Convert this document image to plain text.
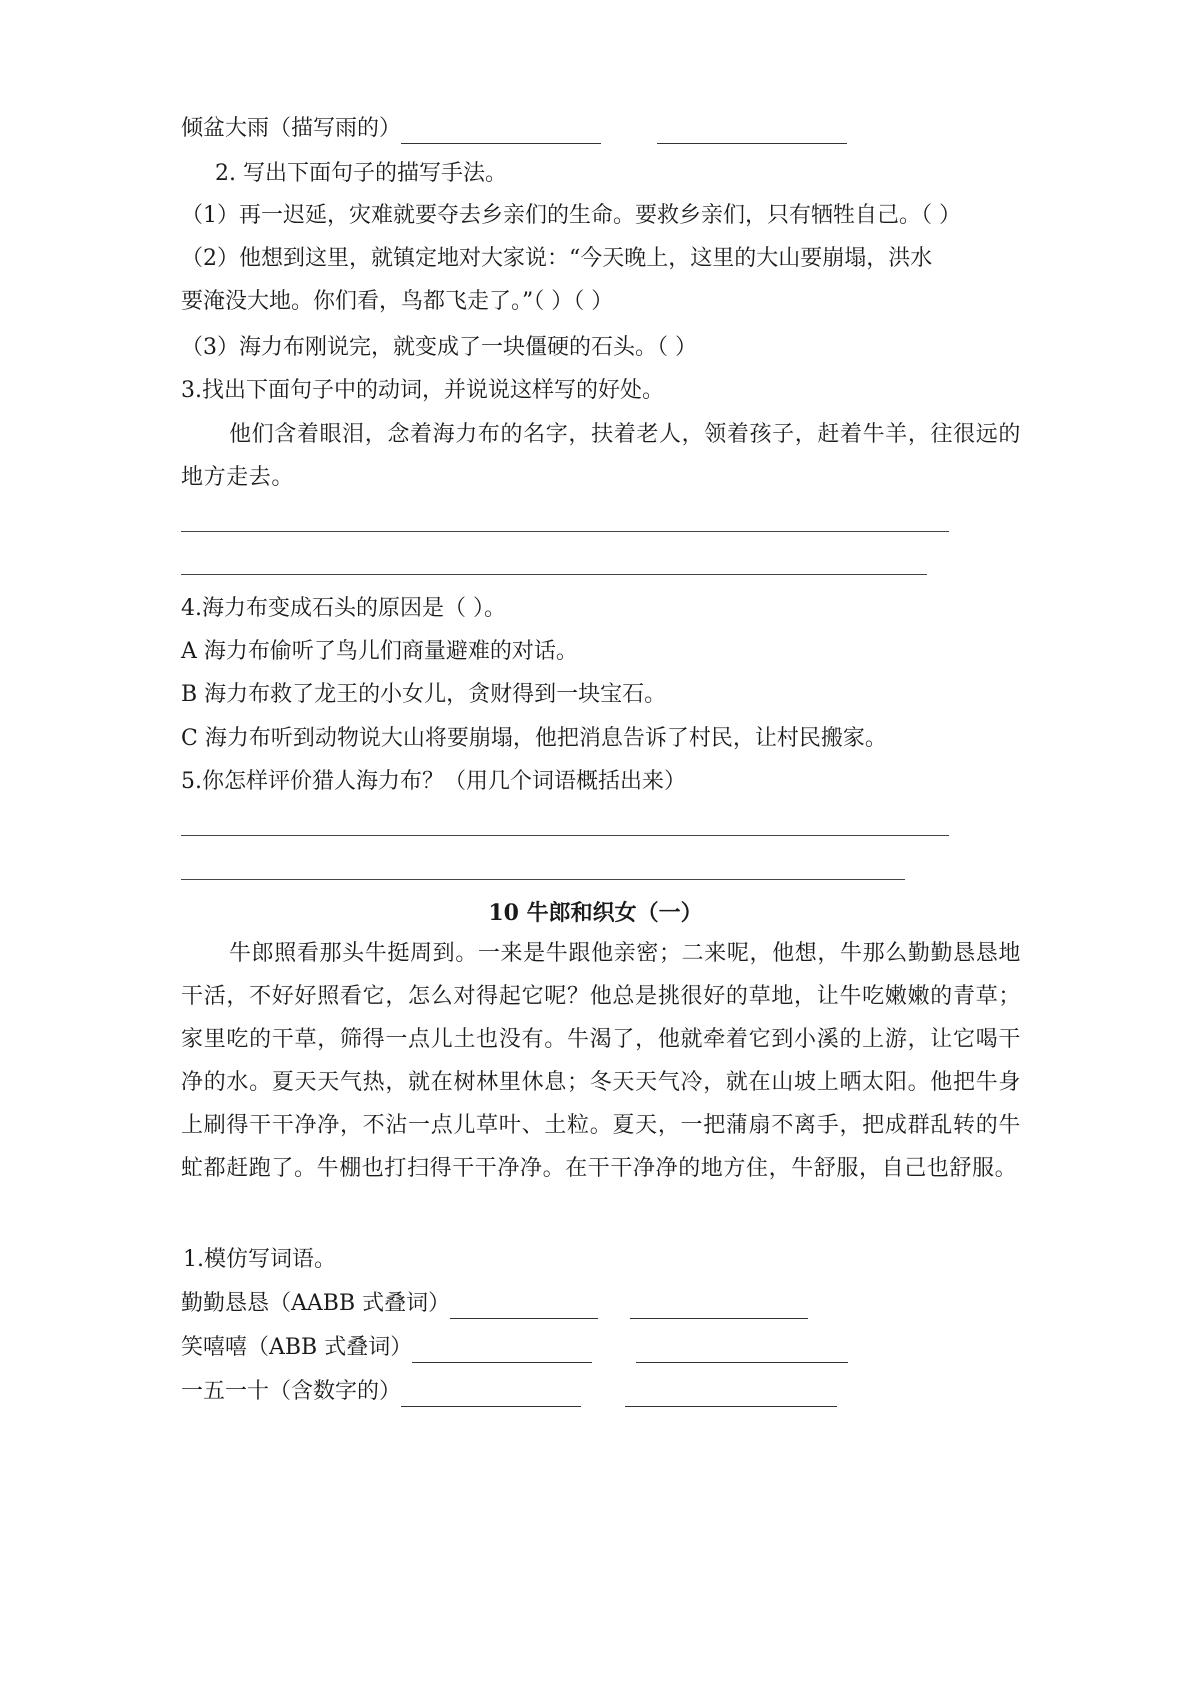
倾盆大雨（描写雨的）
2. 写出下面句子的描写手法。
（1）再一迟延，灾难就要夺去乡亲们的生命。要救乡亲们，只有牺牲自己。（ ）
（2）他想到这里，就镇定地对大家说：“今天晚上，这里的大山要崩塌，洪水
要淹没大地。你们看，鸟都飞走了。”（ ）（ ）
（3）海力布刚说完，就变成了一块僵硬的石头。（ ）
3.找出下面句子中的动词，并说说这样写的好处。
他们含着眼泪，念着海力布的名字，扶着老人，领着孩子，赶着牛羊，往很远的地方走去。
4.海力布变成石头的原因是（ ）。
A 海力布偷听了鸟儿们商量避难的对话。
B 海力布救了龙王的小女儿，贪财得到一块宝石。
C 海力布听到动物说大山将要崩塌，他把消息告诉了村民，让村民搬家。
5.你怎样评价猎人海力布？（用几个词语概括出来）
10 牛郎和织女（一）
牛郎照看那头牛挺周到。一来是牛跟他亲密；二来呢，他想，牛那么勤勤恳恳地干活，不好好照看它，怎么对得起它呢？他总是挑很好的草地，让牛吃嫩嫩的青草；家里吃的干草，筛得一点儿土也没有。牛渴了，他就牵着它到小溪的上游，让它喝干净的水。夏天天气热，就在树林里休息；冬天天气冷，就在山坡上晒太阳。他把牛身上刷得干干净净，不沾一点儿草叶、土粒。夏天，一把蒲扇不离手，把成群乱转的牛虻都赶跑了。牛棚也打扫得干干净净。在干干净净的地方住，牛舒服，自己也舒服。
1.模仿写词语。
勤勤恳恳（AABB 式叠词）
笑嘻嘻（ABB 式叠词）
一五一十（含数字的）
